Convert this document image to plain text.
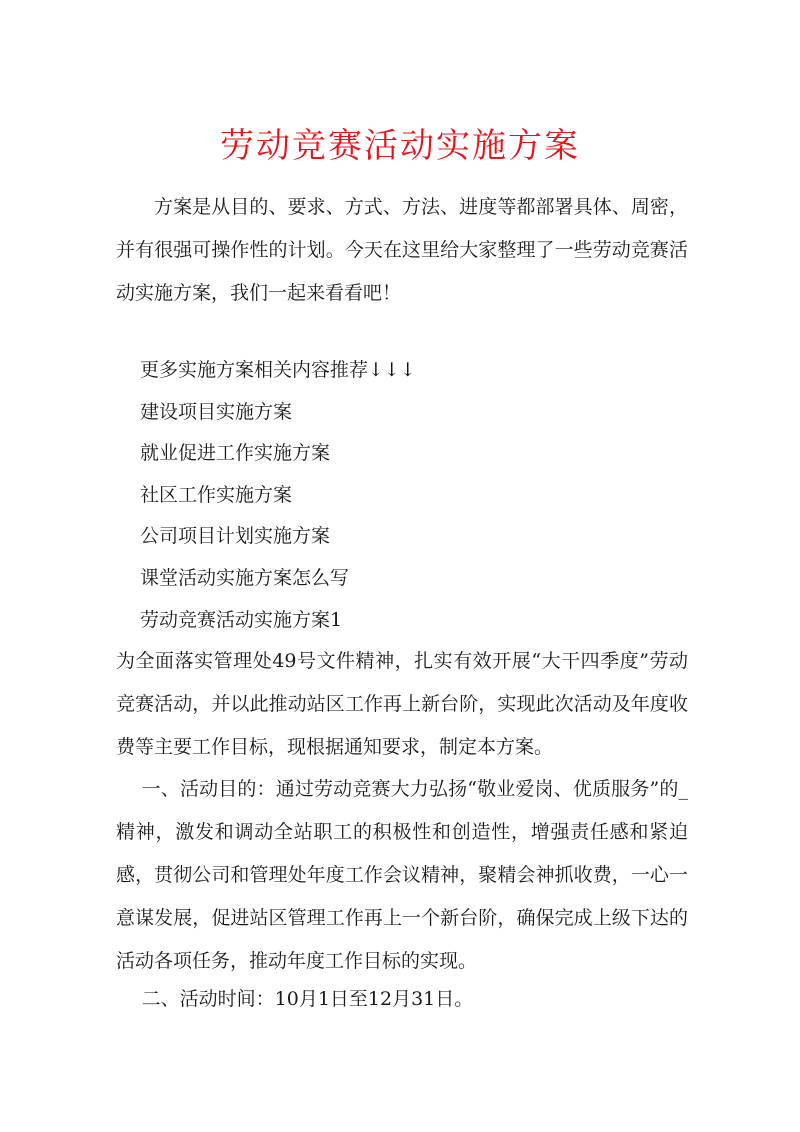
劳动竞赛活动实施方案
方案是从目的、要求、方式、方法、进度等都部署具体、周密，并有很强可操作性的计划。今天在这里给大家整理了一些劳动竞赛活动实施方案，我们一起来看看吧！
更多实施方案相关内容推荐↓↓↓
建设项目实施方案
就业促进工作实施方案
社区工作实施方案
公司项目计划实施方案
课堂活动实施方案怎么写
劳动竞赛活动实施方案1
为全面落实管理处49号文件精神，扎实有效开展“大干四季度”劳动竞赛活动，并以此推动站区工作再上新台阶，实现此次活动及年度收费等主要工作目标，现根据通知要求，制定本方案。
一、活动目的：通过劳动竞赛大力弘扬“敬业爱岗、优质服务”的_精神，激发和调动全站职工的积极性和创造性，增强责任感和紧迫感，贯彻公司和管理处年度工作会议精神，聚精会神抓收费，一心一意谋发展，促进站区管理工作再上一个新台阶，确保完成上级下达的活动各项任务，推动年度工作目标的实现。
二、活动时间：10月1日至12月31日。
